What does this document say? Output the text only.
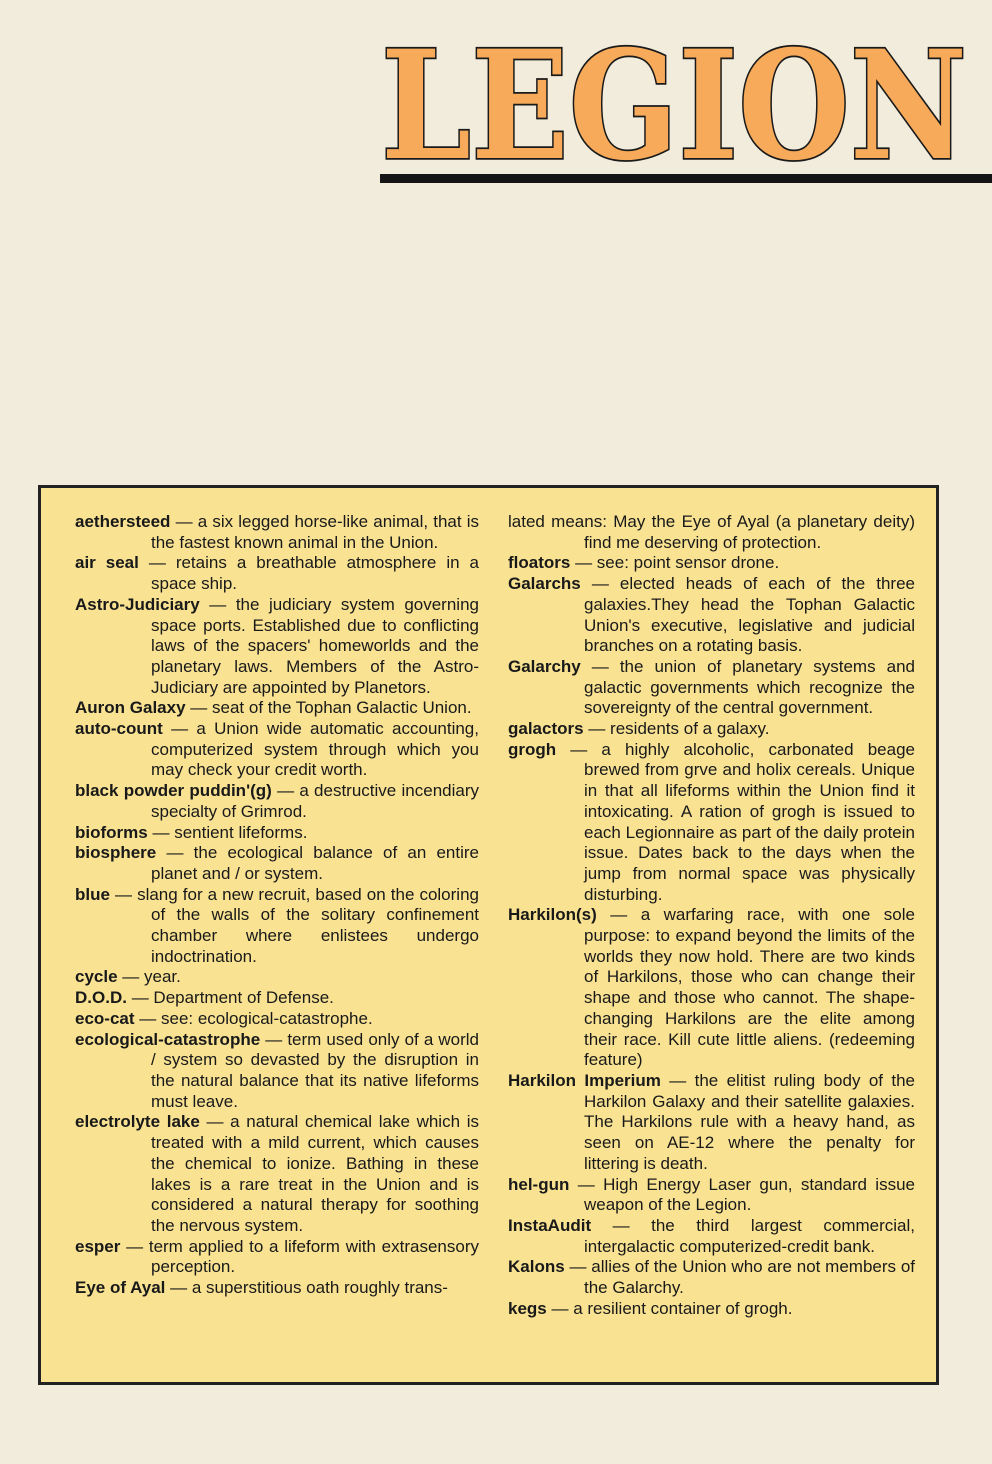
LEGION
aethersteed — a six legged horse-like animal, that is the fastest known animal in the Union.
air seal — retains a breathable atmosphere in a space ship.
Astro-Judiciary — the judiciary system governing space ports. Established due to conflicting laws of the spacers' homeworlds and the planetary laws. Members of the Astro-Judiciary are appointed by Planetors.
Auron Galaxy — seat of the Tophan Galactic Union.
auto-count — a Union wide automatic accounting, computerized system through which you may check your credit worth.
black powder puddin'(g) — a destructive incendiary specialty of Grimrod.
bioforms — sentient lifeforms.
biosphere — the ecological balance of an entire planet and / or system.
blue — slang for a new recruit, based on the coloring of the walls of the solitary confinement chamber where enlistees undergo indoctrination.
cycle — year.
D.O.D. — Department of Defense.
eco-cat — see: ecological-catastrophe.
ecological-catastrophe — term used only of a world / system so devasted by the disruption in the natural balance that its native lifeforms must leave.
electrolyte lake — a natural chemical lake which is treated with a mild current, which causes the chemical to ionize. Bathing in these lakes is a rare treat in the Union and is considered a natural therapy for soothing the nervous system.
esper — term applied to a lifeform with extrasensory perception.
Eye of Ayal — a superstitious oath roughly trans-
lated means: May the Eye of Ayal (a planetary deity) find me deserving of protection.
floators — see: point sensor drone.
Galarchs — elected heads of each of the three galaxies.They head the Tophan Galactic Union's executive, legislative and judicial branches on a rotating basis.
Galarchy — the union of planetary systems and galactic governments which recognize the sovereignty of the central government.
galactors — residents of a galaxy.
grogh — a highly alcoholic, carbonated beage brewed from grve and holix cereals. Unique in that all lifeforms within the Union find it intoxicating. A ration of grogh is issued to each Legionnaire as part of the daily protein issue. Dates back to the days when the jump from normal space was physically disturbing.
Harkilon(s) — a warfaring race, with one sole purpose: to expand beyond the limits of the worlds they now hold. There are two kinds of Harkilons, those who can change their shape and those who cannot. The shape-changing Harkilons are the elite among their race. Kill cute little aliens. (redeeming feature)
Harkilon Imperium — the elitist ruling body of the Harkilon Galaxy and their satellite galaxies. The Harkilons rule with a heavy hand, as seen on AE-12 where the penalty for littering is death.
hel-gun — High Energy Laser gun, standard issue weapon of the Legion.
InstaAudit — the third largest commercial, intergalactic computerized-credit bank.
Kalons — allies of the Union who are not members of the Galarchy.
kegs — a resilient container of grogh.
